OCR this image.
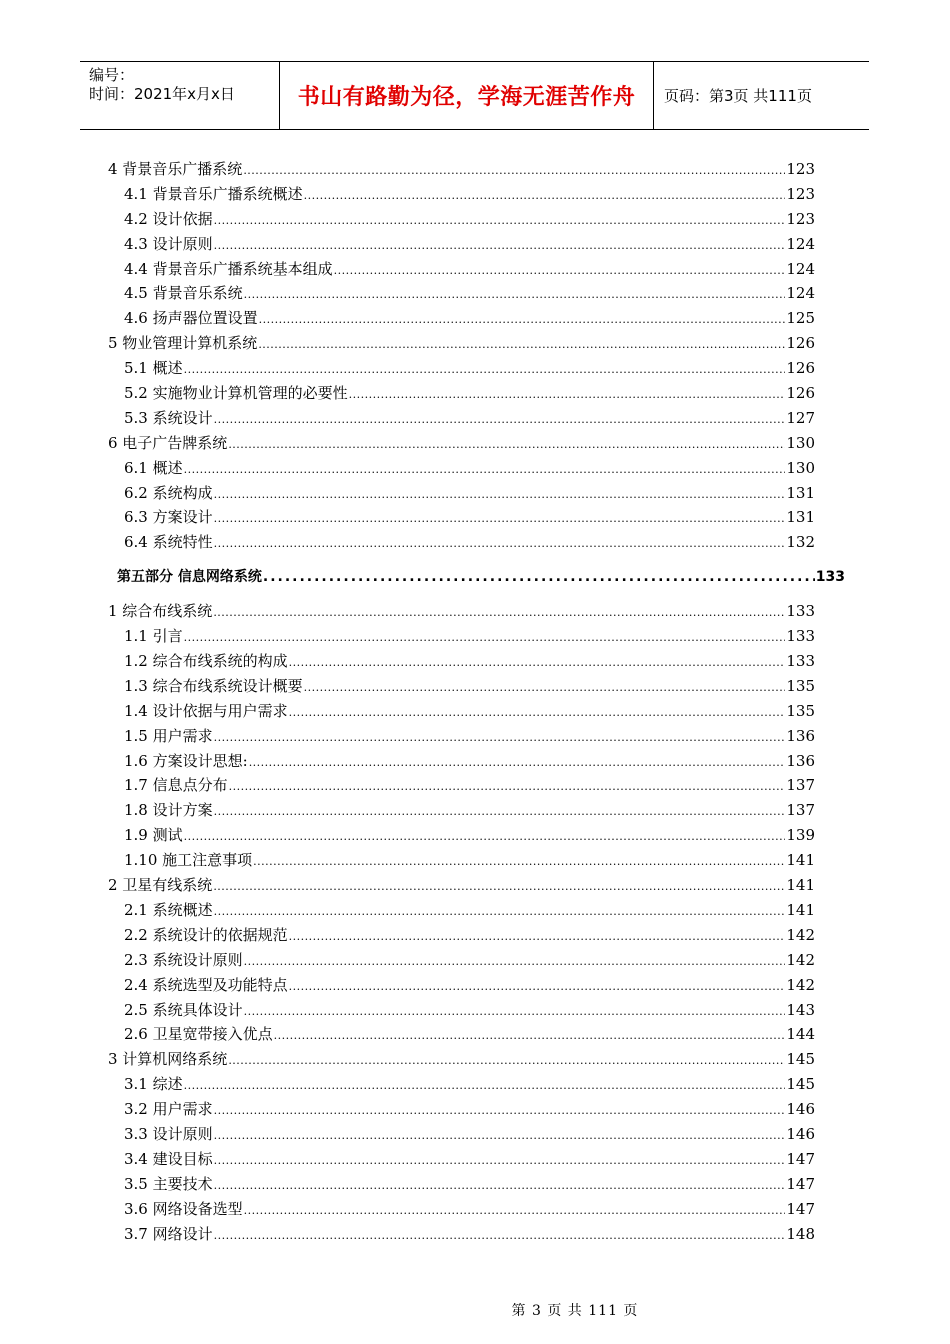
编号：
时间：2021年x月x日	书山有路勤为径，学海无涯苦作舟	页码：第3页 共111页
4 背景音乐广播系统 .....	123
4.1 背景音乐广播系统概述 .....	123
4.2 设计依据 .....	123
4.3 设计原则 .....	124
4.4 背景音乐广播系统基本组成 .....	124
4.5 背景音乐系统 .....	124
4.6 扬声器位置设置 .....	125
5 物业管理计算机系统 .....	126
5.1 概述 .....	126
5.2 实施物业计算机管理的必要性 .....	126
5.3 系统设计 .....	127
6 电子广告牌系统 .....	130
6.1 概述 .....	130
6.2 系统构成 .....	131
6.3 方案设计 .....	131
6.4 系统特性 .....	132
第五部分 信息网络系统 .....	133
1 综合布线系统 .....	133
1.1 引言 .....	133
1.2 综合布线系统的构成 .....	133
1.3 综合布线系统设计概要 .....	135
1.4 设计依据与用户需求 .....	135
1.5 用户需求 .....	136
1.6 方案设计思想: .....	136
1.7 信息点分布 .....	137
1.8 设计方案 .....	137
1.9 测试 .....	139
1.10 施工注意事项 .....	141
2 卫星有线系统 .....	141
2.1 系统概述 .....	141
2.2 系统设计的依据规范 .....	142
2.3 系统设计原则 .....	142
2.4 系统选型及功能特点 .....	142
2.5 系统具体设计 .....	143
2.6 卫星宽带接入优点 .....	144
3 计算机网络系统 .....	145
3.1 综述 .....	145
3.2 用户需求 .....	146
3.3 设计原则 .....	146
3.4 建设目标 .....	147
3.5 主要技术 .....	147
3.6 网络设备选型 .....	147
3.7 网络设计 .....	148
第 3 页 共 111 页
